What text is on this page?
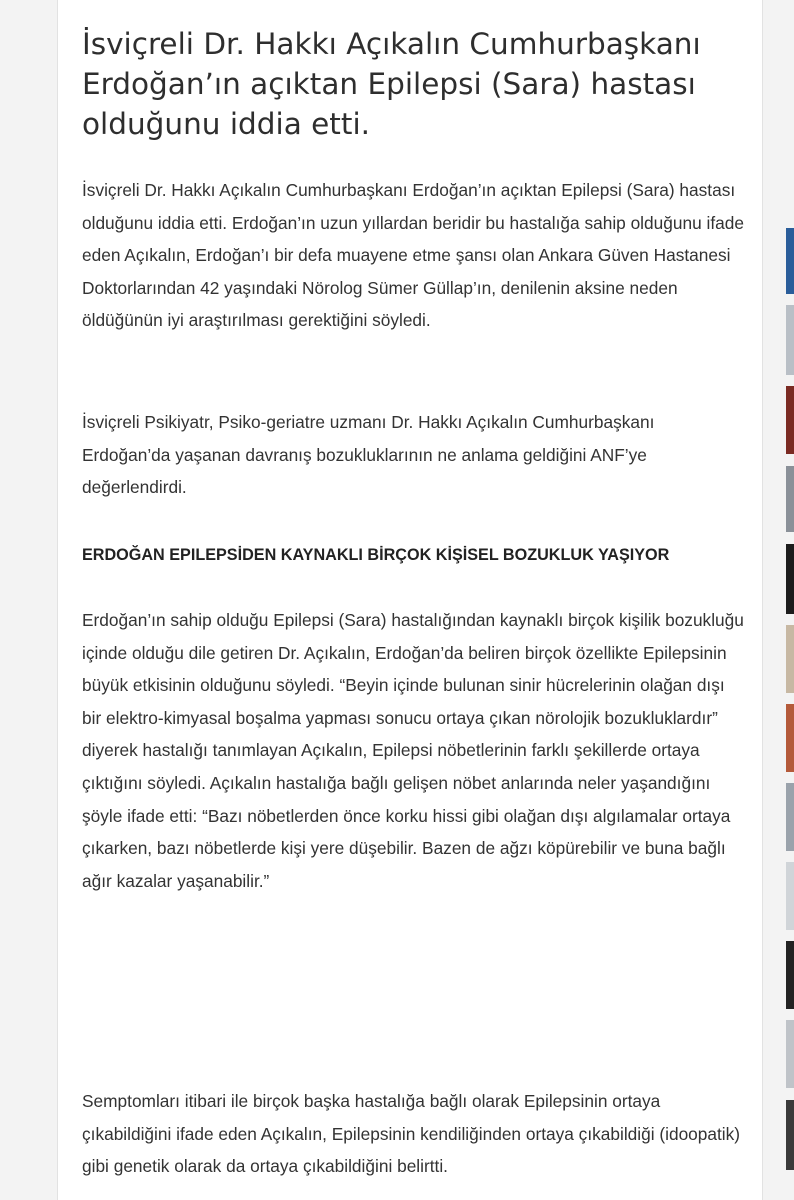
İsviçreli Dr. Hakkı Açıkalın Cumhurbaşkanı Erdoğan’ın açıktan Epilepsi (Sara) hastası olduğunu iddia etti.

İsviçreli Dr. Hakkı Açıkalın Cumhurbaşkanı Erdoğan’ın açıktan Epilepsi (Sara) hastası olduğunu iddia etti. Erdoğan’ın uzun yıllardan beridir bu hastalığa sahip olduğunu ifade eden Açıkalın, Erdoğan’ı bir defa muayene etme şansı olan Ankara Güven Hastanesi Doktorlarından 42 yaşındaki Nörolog Sümer Güllap’ın, denilenin aksine neden öldüğünün iyi araştırılması gerektiğini söyledi.

İsviçreli Psikiyatr, Psiko-geriatre uzmanı Dr. Hakkı Açıkalın Cumhurbaşkanı Erdoğan’da yaşanan davranış bozukluklarının ne anlama geldiğini ANF’ye değerlendirdi.

ERDOĞAN EPILEPSİDEN KAYNAKLI BİRÇOK KİŞİSEL BOZUKLUK YAŞIYOR

Erdoğan’ın sahip olduğu Epilepsi (Sara) hastalığından kaynaklı birçok kişilik bozukluğu içinde olduğu dile getiren Dr. Açıkalın, Erdoğan’da beliren birçok özellikte Epilepsinin büyük etkisinin olduğunu söyledi. “Beyin içinde bulunan sinir hücrelerinin olağan dışı bir elektro-kimyasal boşalma yapması sonucu ortaya çıkan nörolojik bozukluklardır” diyerek hastalığı tanımlayan Açıkalın, Epilepsi nöbetlerinin farklı şekillerde ortaya çıktığını söyledi. Açıkalın hastalığa bağlı gelişen nöbet anlarında neler yaşandığını şöyle ifade etti: “Bazı nöbetlerden önce korku hissi gibi olağan dışı algılamalar ortaya çıkarken, bazı nöbetlerde kişi yere düşebilir. Bazen de ağzı köpürebilir ve buna bağlı ağır kazalar yaşanabilir.”

Semptomları itibari ile birçok başka hastalığa bağlı olarak Epilepsinin ortaya çıkabildiğini ifade eden Açıkalın, Epilepsinin kendiliğinden ortaya çıkabildiği (idoopatik) gibi genetik olarak da ortaya çıkabildiğini belirtti.
